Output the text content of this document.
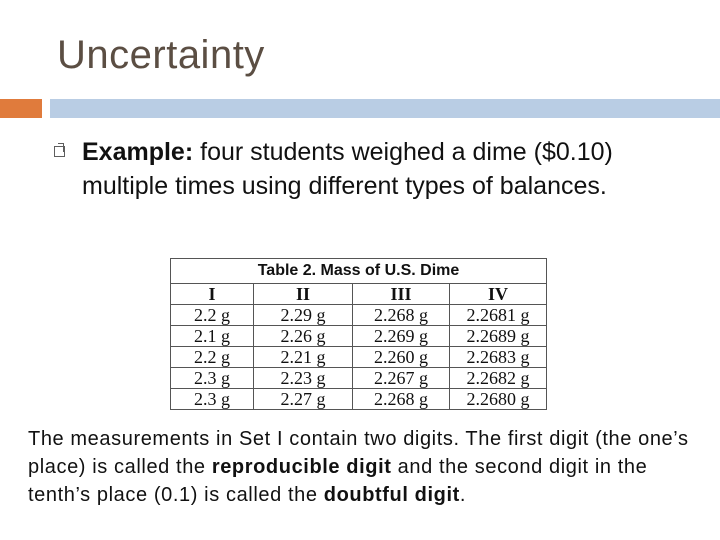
Uncertainty
Example: four students weighed a dime ($0.10) multiple times using different types of balances.
Table 2. Mass of U.S. Dime			
I	II	III	IV
2.2 g	2.29 g	2.268 g	2.2681 g
2.1 g	2.26 g	2.269 g	2.2689 g
2.2 g	2.21 g	2.260 g	2.2683 g
2.3 g	2.23 g	2.267 g	2.2682 g
2.3 g	2.27 g	2.268 g	2.2680 g
The measurements in Set I contain two digits. The first digit (the one’s place) is called the reproducible digit and the second digit in the tenth’s place (0.1) is called the doubtful digit.
